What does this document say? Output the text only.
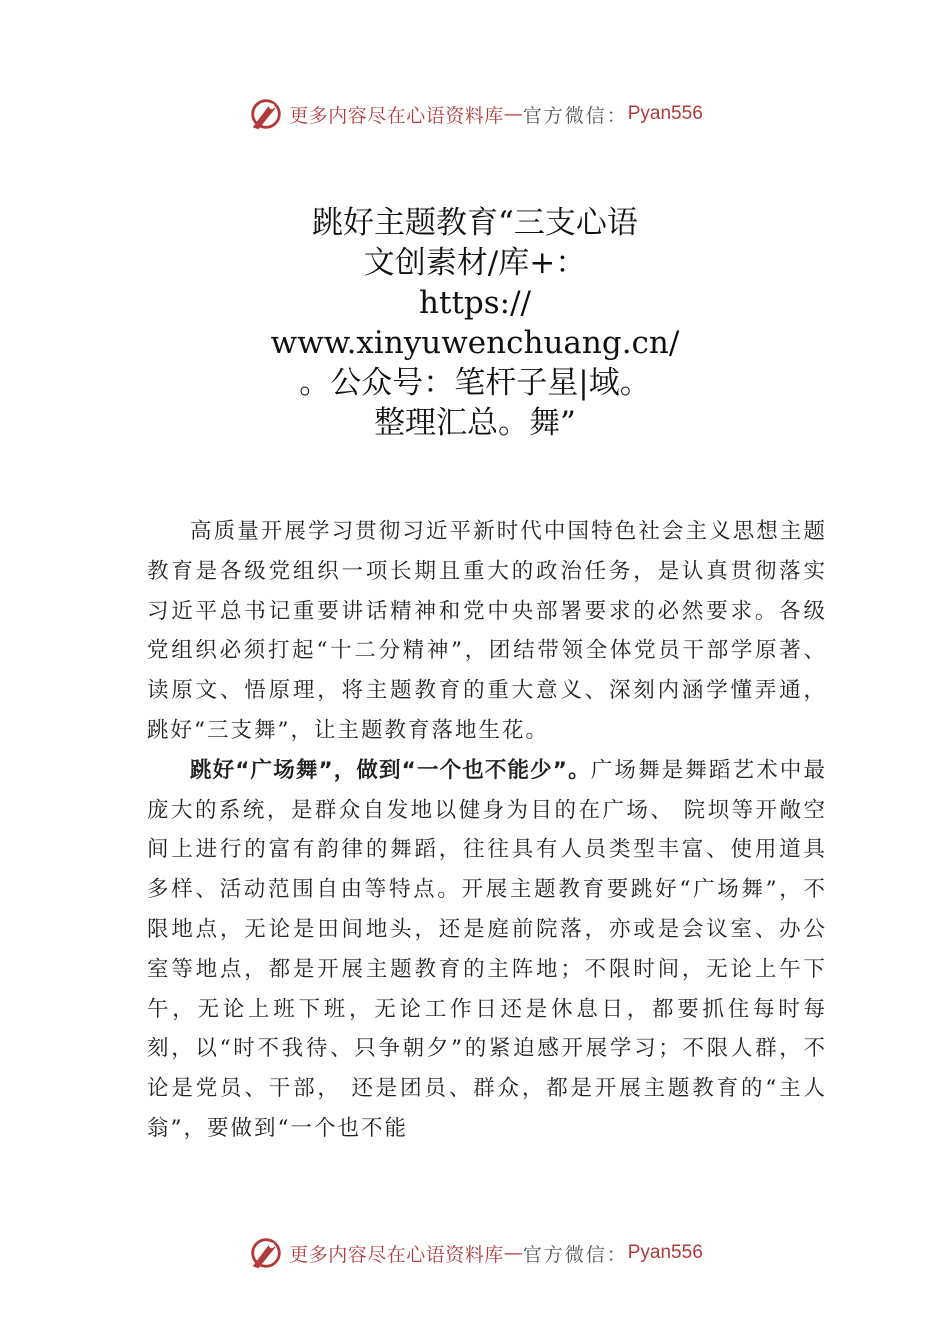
更多内容尽在心语资料库 — 官方微信： Pyan556
跳好主题教育“三支心语
文创素材/库+：
https://
www.xinyuwenchuang.cn/
。公众号：笔杆子星|域。
整理汇总。舞”

高质量开展学习贯彻习近平新时代中国特色社会主义思想主题教育是各级党组织一项长期且重大的政治任务，是认真贯彻落实习近平总书记重要讲话精神和党中央部署要求的必然要求。各级党组织必须打起“十二分精神”，团结带领全体党员干部学原著、读原文、悟原理，将主题教育的重大意义、深刻内涵学懂弄通，跳好“三支舞”，让主题教育落地生花。

跳好“广场舞”，做到“一个也不能少”。广场舞是舞蹈艺术中最庞大的系统，是群众自发地以健身为目的在广场、 院坝等开敞空间上进行的富有韵律的舞蹈，往往具有人员类型丰富、使用道具多样、活动范围自由等特点。开展主题教育要跳好“广场舞”，不限地点，无论是田间地头，还是庭前院落，亦或是会议室、办公室等地点，都是开展主题教育的主阵地；不限时间，无论上午下午，无论上班下班，无论工作日还是休息日，都要抓住每时每刻，以“时不我待、只争朝夕”的紧迫感开展学习；不限人群，不论是党员、干部， 还是团员、群众，都是开展主题教育的“主人翁”，要做到“一个也不能

更多内容尽在心语资料库 — 官方微信： Pyan556
